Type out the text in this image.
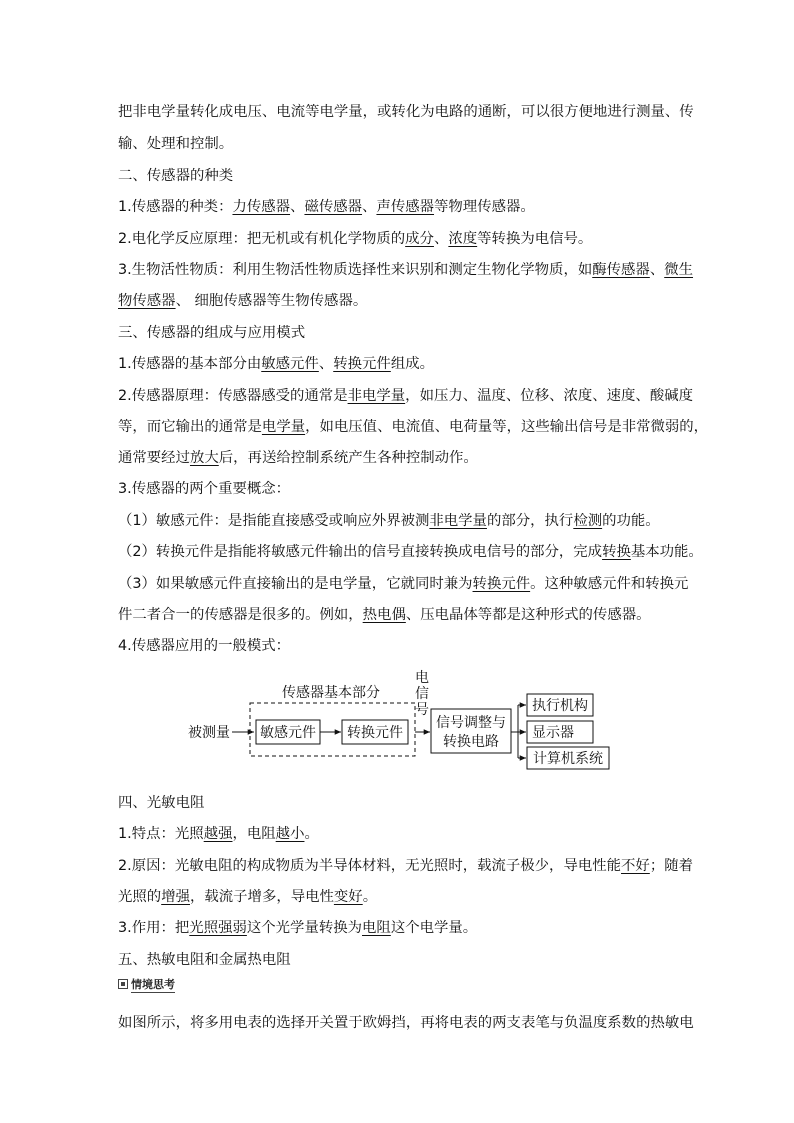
把非电学量转化成电压、电流等电学量，或转化为电路的通断，可以很方便地进行测量、传
输、处理和控制。
二、传感器的种类
1.传感器的种类：力传感器、磁传感器、声传感器等物理传感器。
2.电化学反应原理：把无机或有机化学物质的成分、浓度等转换为电信号。
3.生物活性物质：利用生物活性物质选择性来识别和测定生物化学物质，如酶传感器、微生
物传感器、 细胞传感器等生物传感器。
三、传感器的组成与应用模式
1.传感器的基本部分由敏感元件、转换元件组成。
2.传感器原理：传感器感受的通常是非电学量，如压力、温度、位移、浓度、速度、酸碱度
等，而它输出的通常是电学量，如电压值、电流值、电荷量等，这些输出信号是非常微弱的，
通常要经过放大后，再送给控制系统产生各种控制动作。
3.传感器的两个重要概念：
（1）敏感元件：是指能直接感受或响应外界被测非电学量的部分，执行检测的功能。
（2）转换元件是指能将敏感元件输出的信号直接转换成电信号的部分，完成转换基本功能。
（3）如果敏感元件直接输出的是电学量，它就同时兼为转换元件。这种敏感元件和转换元
件二者合一的传感器是很多的。例如，热电偶、压电晶体等都是这种形式的传感器。
4.传感器应用的一般模式：
四、光敏电阻
1.特点：光照越强，电阻越小。
2.原因：光敏电阻的构成物质为半导体材料，无光照时，载流子极少，导电性能不好；随着
光照的增强，载流子增多，导电性变好。
3.作用：把光照强弱这个光学量转换为电阻这个电学量。
五、热敏电阻和金属热电阻
如图所示，将多用电表的选择开关置于欧姆挡，再将电表的两支表笔与负温度系数的热敏电
情境思考
被测量
传感器基本部分
敏感元件 转换元件
电
信
号
信号调整与
转换电路
执行机构
显示器
计算机系统
